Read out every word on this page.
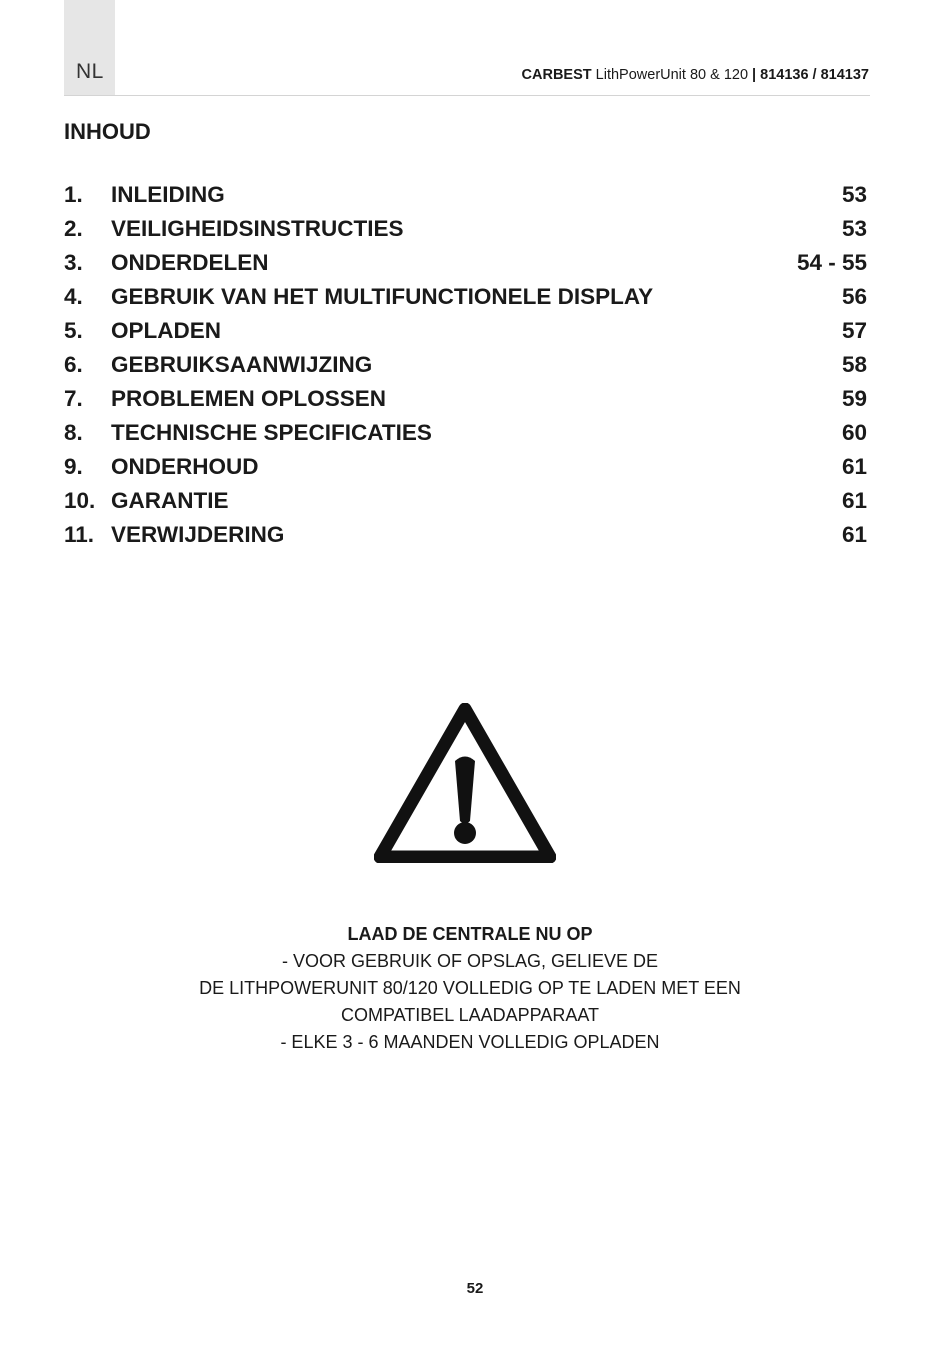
NL	CARBEST LithPowerUnit 80 & 120 | 814136 / 814137
INHOUD
1.	INLEIDING	53
2.	VEILIGHEIDSINSTRUCTIES	53
3.	ONDERDELEN	54 - 55
4.	GEBRUIK VAN HET MULTIFUNCTIONELE DISPLAY	56
5.	OPLADEN	57
6.	GEBRUIKSAANWIJZING	58
7.	PROBLEMEN OPLOSSEN	59
8.	TECHNISCHE SPECIFICATIES	60
9.	ONDERHOUD	61
10. GARANTIE	61
11. VERWIJDERING	61
LAAD DE CENTRALE NU OP
- VOOR GEBRUIK OF OPSLAG, GELIEVE DE
DE LITHPOWERUNIT 80/120 VOLLEDIG OP TE LADEN MET EEN
COMPATIBEL LAADAPPARAAT
- ELKE 3 - 6 MAANDEN VOLLEDIG OPLADEN
52
